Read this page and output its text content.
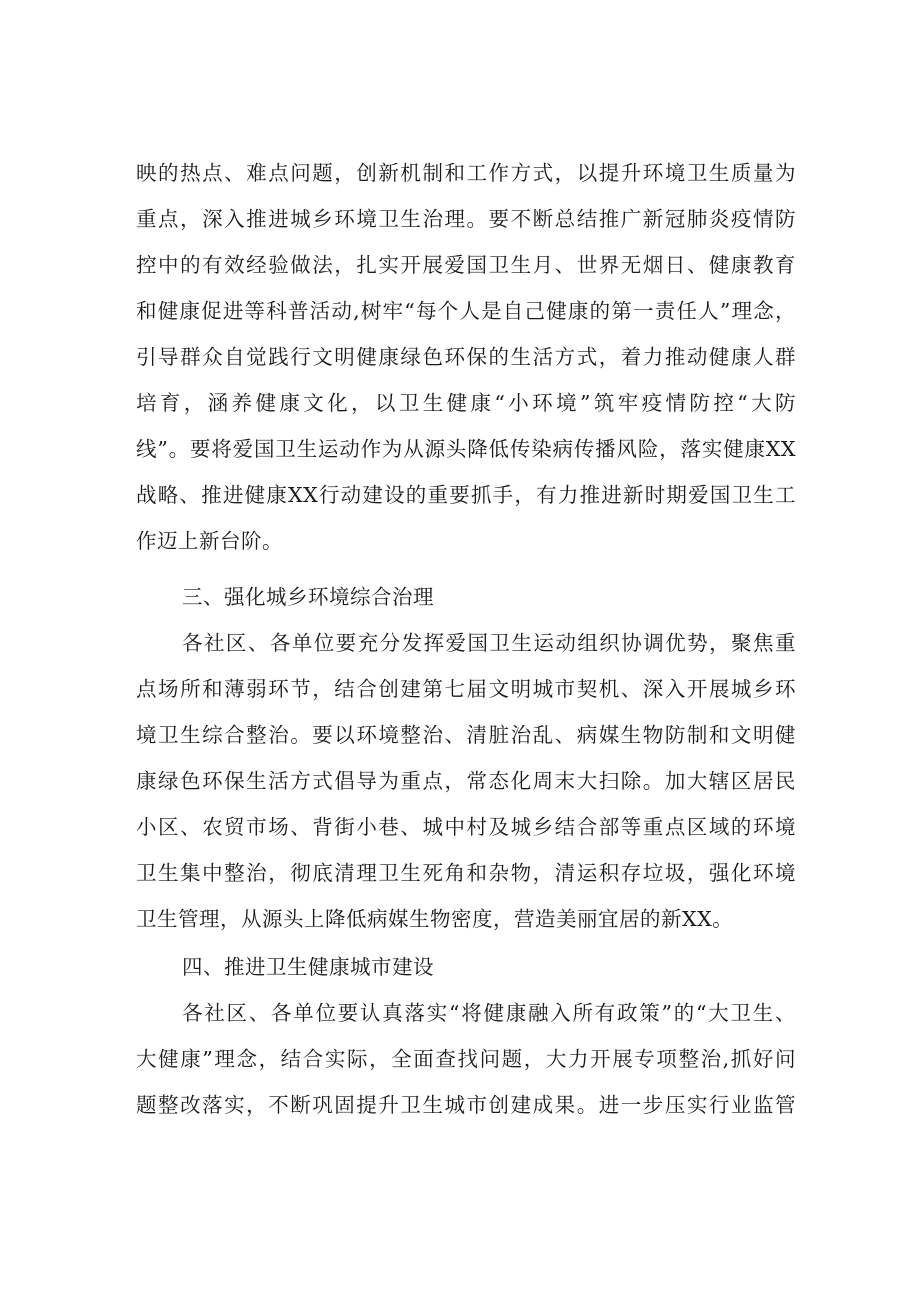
映的热点、难点问题，创新机制和工作方式，以提升环境卫生质量为
重点，深入推进城乡环境卫生治理。要不断总结推广新冠肺炎疫情防
控中的有效经验做法，扎实开展爱国卫生月、世界无烟日、健康教育
和健康促进等科普活动,树牢“每个人是自己健康的第一责任人”理念，
引导群众自觉践行文明健康绿色环保的生活方式，着力推动健康人群
培育，涵养健康文化，以卫生健康“小环境”筑牢疫情防控“大防
线”。要将爱国卫生运动作为从源头降低传染病传播风险，落实健康XX
战略、推进健康XX行动建设的重要抓手，有力推进新时期爱国卫生工
作迈上新台阶。
三、强化城乡环境综合治理
各社区、各单位要充分发挥爱国卫生运动组织协调优势，聚焦重
点场所和薄弱环节，结合创建第七届文明城市契机、深入开展城乡环
境卫生综合整治。要以环境整治、清脏治乱、病媒生物防制和文明健
康绿色环保生活方式倡导为重点，常态化周末大扫除。加大辖区居民
小区、农贸市场、背街小巷、城中村及城乡结合部等重点区域的环境
卫生集中整治，彻底清理卫生死角和杂物，清运积存垃圾，强化环境
卫生管理，从源头上降低病媒生物密度，营造美丽宜居的新XX。
四、推进卫生健康城市建设
各社区、各单位要认真落实“将健康融入所有政策”的“大卫生、
大健康”理念，结合实际，全面查找问题，大力开展专项整治,抓好问
题整改落实，不断巩固提升卫生城市创建成果。进一步压实行业监管
